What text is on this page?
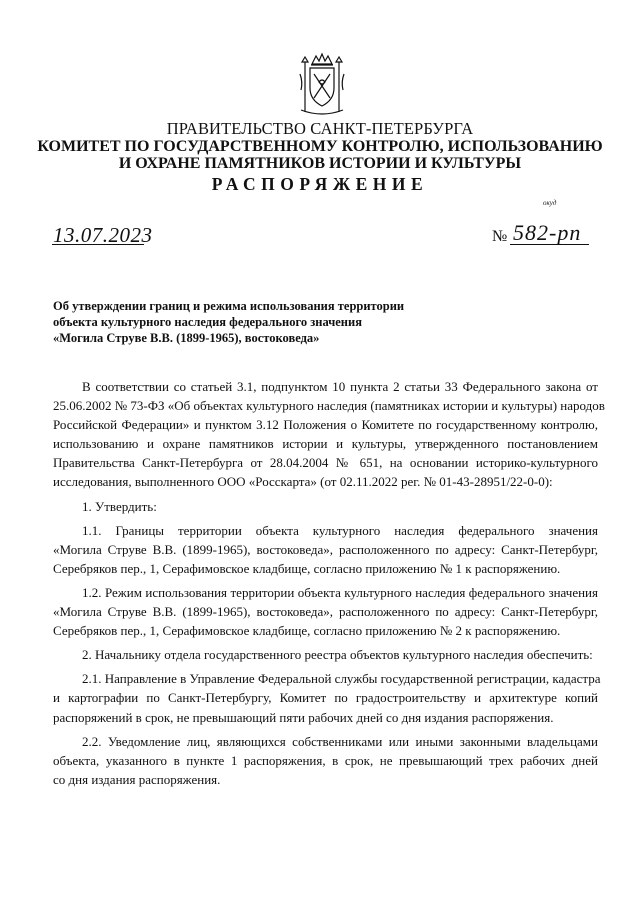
ПРАВИТЕЛЬСТВО САНКТ-ПЕТЕРБУРГА
КОМИТЕТ ПО ГОСУДАРСТВЕННОМУ КОНТРОЛЮ, ИСПОЛЬЗОВАНИЮ
И ОХРАНЕ ПАМЯТНИКОВ ИСТОРИИ И КУЛЬТУРЫ
РАСПОРЯЖЕНИЕ
окуд
13.07.2023	№ 582-рп
Об утверждении границ и режима использования территории
объекта культурного наследия федерального значения
«Могила Струве В.В. (1899-1965), востоковеда»
В соответствии со статьей 3.1, подпунктом 10 пункта 2 статьи 33 Федерального закона от
25.06.2002 № 73-ФЗ «Об объектах культурного наследия (памятниках истории и культуры) народов
Российской Федерации» и пунктом 3.12 Положения о Комитете по государственному контролю,
использованию и охране памятников истории и культуры, утвержденного постановлением
Правительства Санкт-Петербурга от 28.04.2004 № 651, на основании историко-культурного
исследования, выполненного ООО «Росскарта» (от 02.11.2022 рег. № 01-43-28951/22-0-0):
1. Утвердить:
1.1. Границы территории объекта культурного наследия федерального значения
«Могила Струве В.В. (1899-1965), востоковеда», расположенного по адресу: Санкт-Петербург,
Серебряков пер., 1, Серафимовское кладбище, согласно приложению № 1 к распоряжению.
1.2. Режим использования территории объекта культурного наследия федерального значения
«Могила Струве В.В. (1899-1965), востоковеда», расположенного по адресу: Санкт-Петербург,
Серебряков пер., 1, Серафимовское кладбище, согласно приложению № 2 к распоряжению.
2. Начальнику отдела государственного реестра объектов культурного наследия обеспечить:
2.1. Направление в Управление Федеральной службы государственной регистрации, кадастра
и картографии по Санкт-Петербургу, Комитет по градостроительству и архитектуре копий
распоряжений в срок, не превышающий пяти рабочих дней со дня издания распоряжения.
2.2. Уведомление лиц, являющихся собственниками или иными законными владельцами
объекта, указанного в пункте 1 распоряжения, в срок, не превышающий трех рабочих дней
со дня издания распоряжения.
